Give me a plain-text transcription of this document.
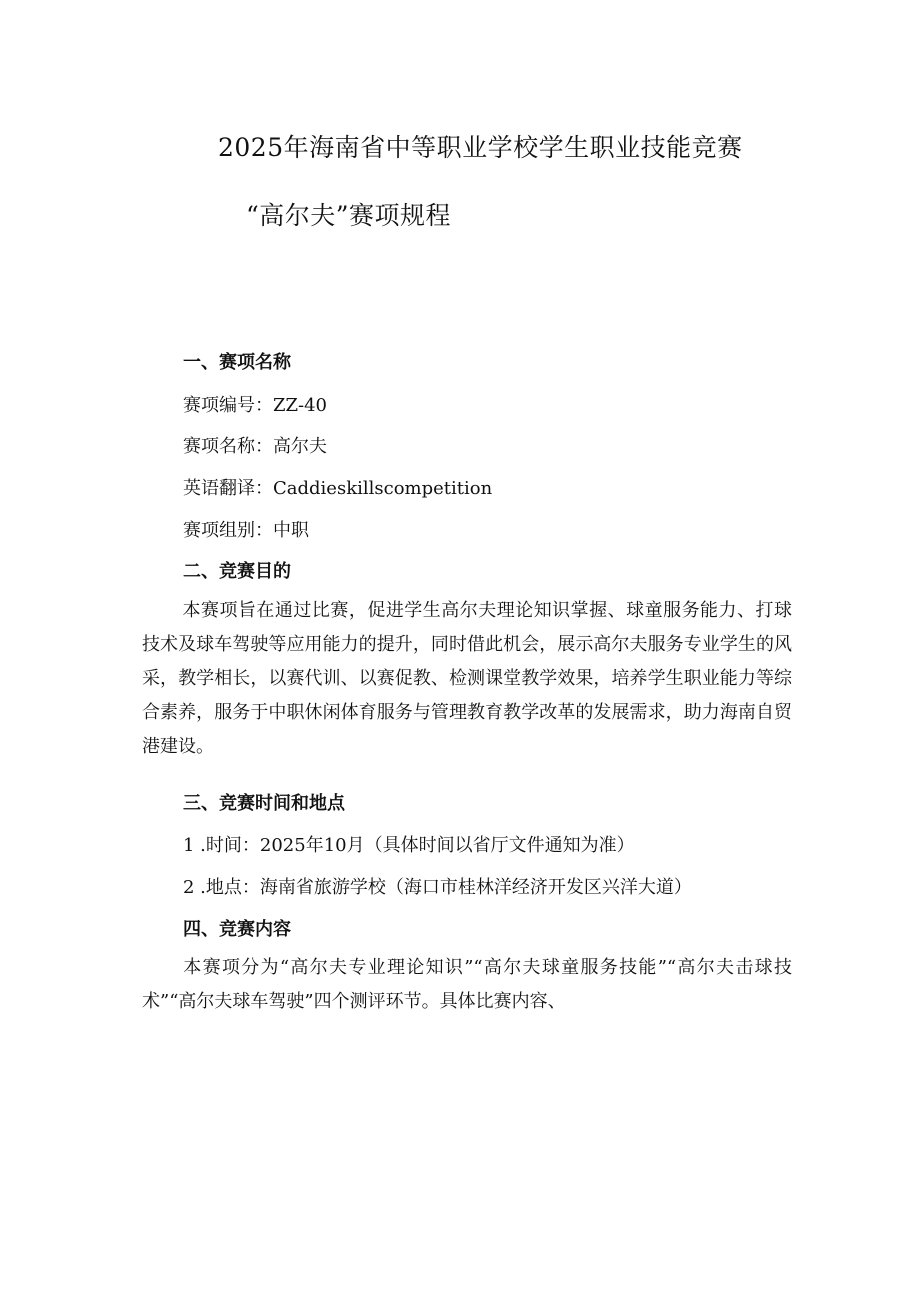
2025年海南省中等职业学校学生职业技能竞赛
“高尔夫”赛项规程
一、赛项名称
赛项编号：ZZ-40
赛项名称：高尔夫
英语翻译：Caddieskillscompetition
赛项组别：中职
二、竞赛目的

本赛项旨在通过比赛，促进学生高尔夫理论知识掌握、球童服务能力、打球技术及球车驾驶等应用能力的提升，同时借此机会，展示高尔夫服务专业学生的风采，教学相长，以赛代训、以赛促教、检测课堂教学效果，培养学生职业能力等综合素养，服务于中职休闲体育服务与管理教育教学改革的发展需求，助力海南自贸港建设。

三、竞赛时间和地点
1 .时间：2025年10月（具体时间以省厅文件通知为准）
2 .地点：海南省旅游学校（海口市桂林洋经济开发区兴洋大道）
四、竞赛内容

本赛项分为“高尔夫专业理论知识”“高尔夫球童服务技能”“高尔夫击球技术”“高尔夫球车驾驶”四个测评环节。具体比赛内容、
